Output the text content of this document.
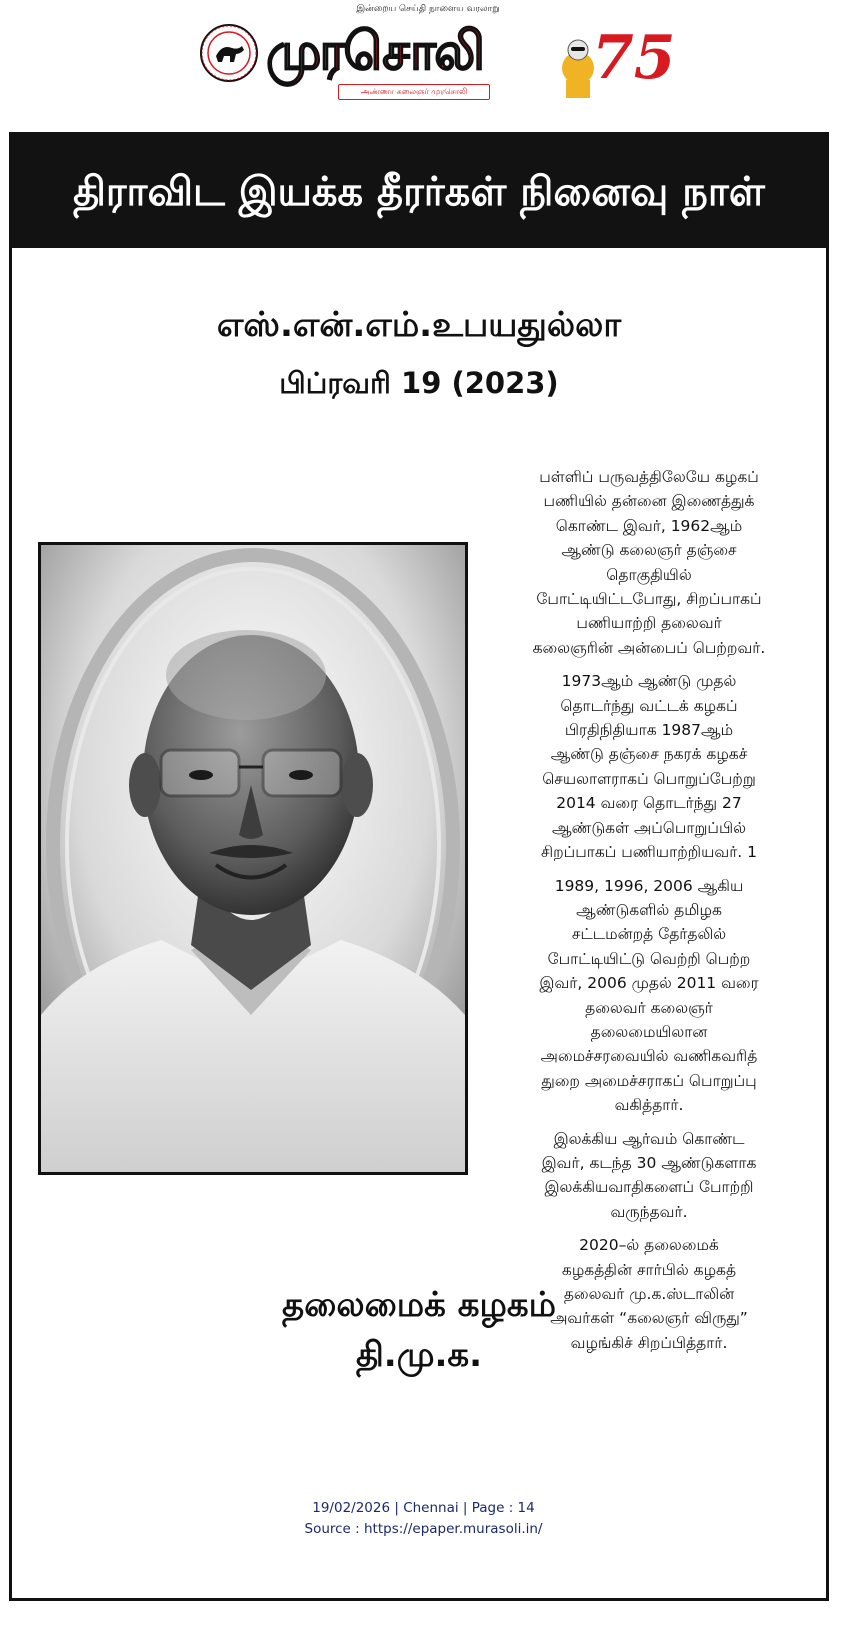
இன்றைய செய்தி நாளைய வரலாறு
முரசொலி
அண்ணா கலைஞர் முரசொலி	75
திராவிட இயக்க தீரர்கள் நினைவு நாள்
எஸ்.என்.எம்.உபயதுல்லா
பிப்ரவரி 19 (2023)

பள்ளிப் பருவத்திலேயே கழகப்
பணியில் தன்னை இணைத்துக்
கொண்ட இவர், 1962ஆம்
ஆண்டு கலைஞர் தஞ்சை
தொகுதியில்
போட்டியிட்டபோது, சிறப்பாகப்
பணியாற்றி தலைவர்
கலைஞரின் அன்பைப் பெற்றவர்.

1973ஆம் ஆண்டு முதல்
தொடர்ந்து வட்டக் கழகப்
பிரதிநிதியாக 1987ஆம்
ஆண்டு தஞ்சை நகரக் கழகச்
செயலாளராகப் பொறுப்பேற்று
2014 வரை தொடர்ந்து 27
ஆண்டுகள் அப்பொறுப்பில்
சிறப்பாகப் பணியாற்றியவர். 1

1989, 1996, 2006 ஆகிய
ஆண்டுகளில் தமிழக
சட்டமன்றத் தேர்தலில்
போட்டியிட்டு வெற்றி பெற்ற
இவர், 2006 முதல் 2011 வரை
தலைவர் கலைஞர்
தலைமையிலான
அமைச்சரவையில் வணிகவரித்
துறை அமைச்சராகப் பொறுப்பு
வகித்தார்.

இலக்கிய ஆர்வம் கொண்ட
இவர், கடந்த 30 ஆண்டுகளாக
இலக்கியவாதிகளைப் போற்றி
வருந்தவர்.

2020–ல் தலைமைக்
கழகத்தின் சார்பில் கழகத்
தலைவர் மு.க.ஸ்டாலின்
அவர்கள் “கலைஞர் விருது”
வழங்கிச் சிறப்பித்தார்.

தலைமைக் கழகம்
தி.மு.க.
19/02/2026 | Chennai | Page : 14
Source : https://epaper.murasoli.in/
